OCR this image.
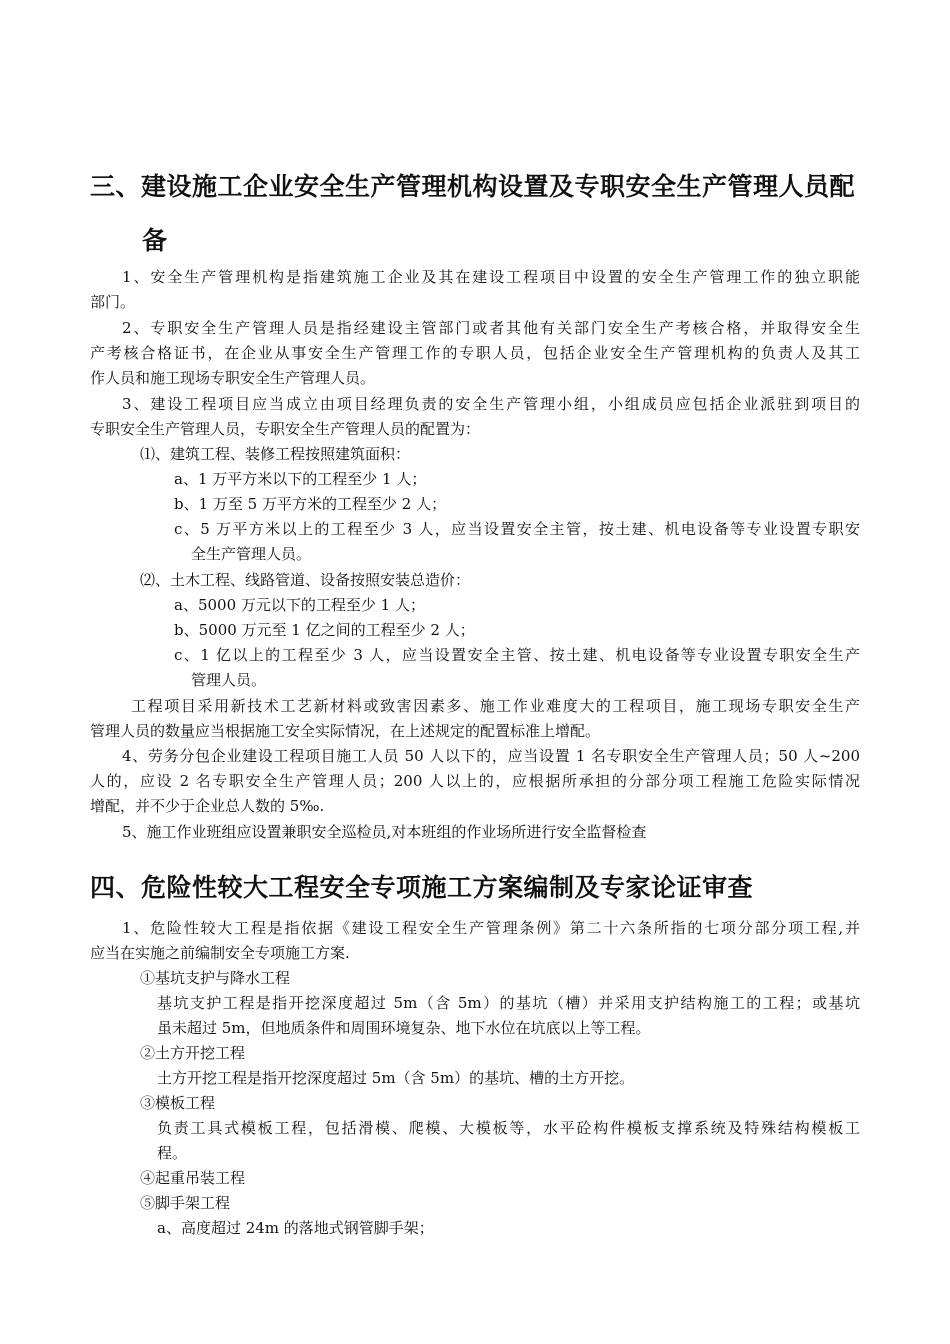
三、建设施工企业安全生产管理机构设置及专职安全生产管理人员配
备
1、安全生产管理机构是指建筑施工企业及其在建设工程项目中设置的安全生产管理工作的独立职能
部门。
2、专职安全生产管理人员是指经建设主管部门或者其他有关部门安全生产考核合格，并取得安全生
产考核合格证书，在企业从事安全生产管理工作的专职人员，包括企业安全生产管理机构的负责人及其工
作人员和施工现场专职安全生产管理人员。
3、建设工程项目应当成立由项目经理负责的安全生产管理小组，小组成员应包括企业派驻到项目的
专职安全生产管理人员，专职安全生产管理人员的配置为：
⑴、建筑工程、装修工程按照建筑面积：
a、1 万平方米以下的工程至少 1 人；
b、1 万至 5 万平方米的工程至少 2 人；
c、5 万平方米以上的工程至少 3 人，应当设置安全主管，按土建、机电设备等专业设置专职安
全生产管理人员。
⑵、土木工程、线路管道、设备按照安装总造价：
a、5000 万元以下的工程至少 1 人；
b、5000 万元至 1 亿之间的工程至少 2 人；
c、1 亿以上的工程至少 3 人，应当设置安全主管、按土建、机电设备等专业设置专职安全生产
管理人员。
工程项目采用新技术工艺新材料或致害因素多、施工作业难度大的工程项目，施工现场专职安全生产
管理人员的数量应当根据施工安全实际情况，在上述规定的配置标准上增配。
4、劳务分包企业建设工程项目施工人员 50 人以下的，应当设置 1 名专职安全生产管理人员；50 人~200
人的，应设 2 名专职安全生产管理人员；200 人以上的，应根据所承担的分部分项工程施工危险实际情况
增配，并不少于企业总人数的 5‰.
5、施工作业班组应设置兼职安全巡检员,对本班组的作业场所进行安全监督检查
四、危险性较大工程安全专项施工方案编制及专家论证审查
1、危险性较大工程是指依据《建设工程安全生产管理条例》第二十六条所指的七项分部分项工程,并
应当在实施之前编制安全专项施工方案.
①基坑支护与降水工程
基坑支护工程是指开挖深度超过 5m（含 5m）的基坑（槽）并采用支护结构施工的工程；或基坑
虽未超过 5m，但地质条件和周围环境复杂、地下水位在坑底以上等工程。
②土方开挖工程
土方开挖工程是指开挖深度超过 5m（含 5m）的基坑、槽的土方开挖。
③模板工程
负责工具式模板工程，包括滑模、爬模、大模板等，水平砼构件模板支撑系统及特殊结构模板工
程。
④起重吊装工程
⑤脚手架工程
a、高度超过 24m 的落地式钢管脚手架；
